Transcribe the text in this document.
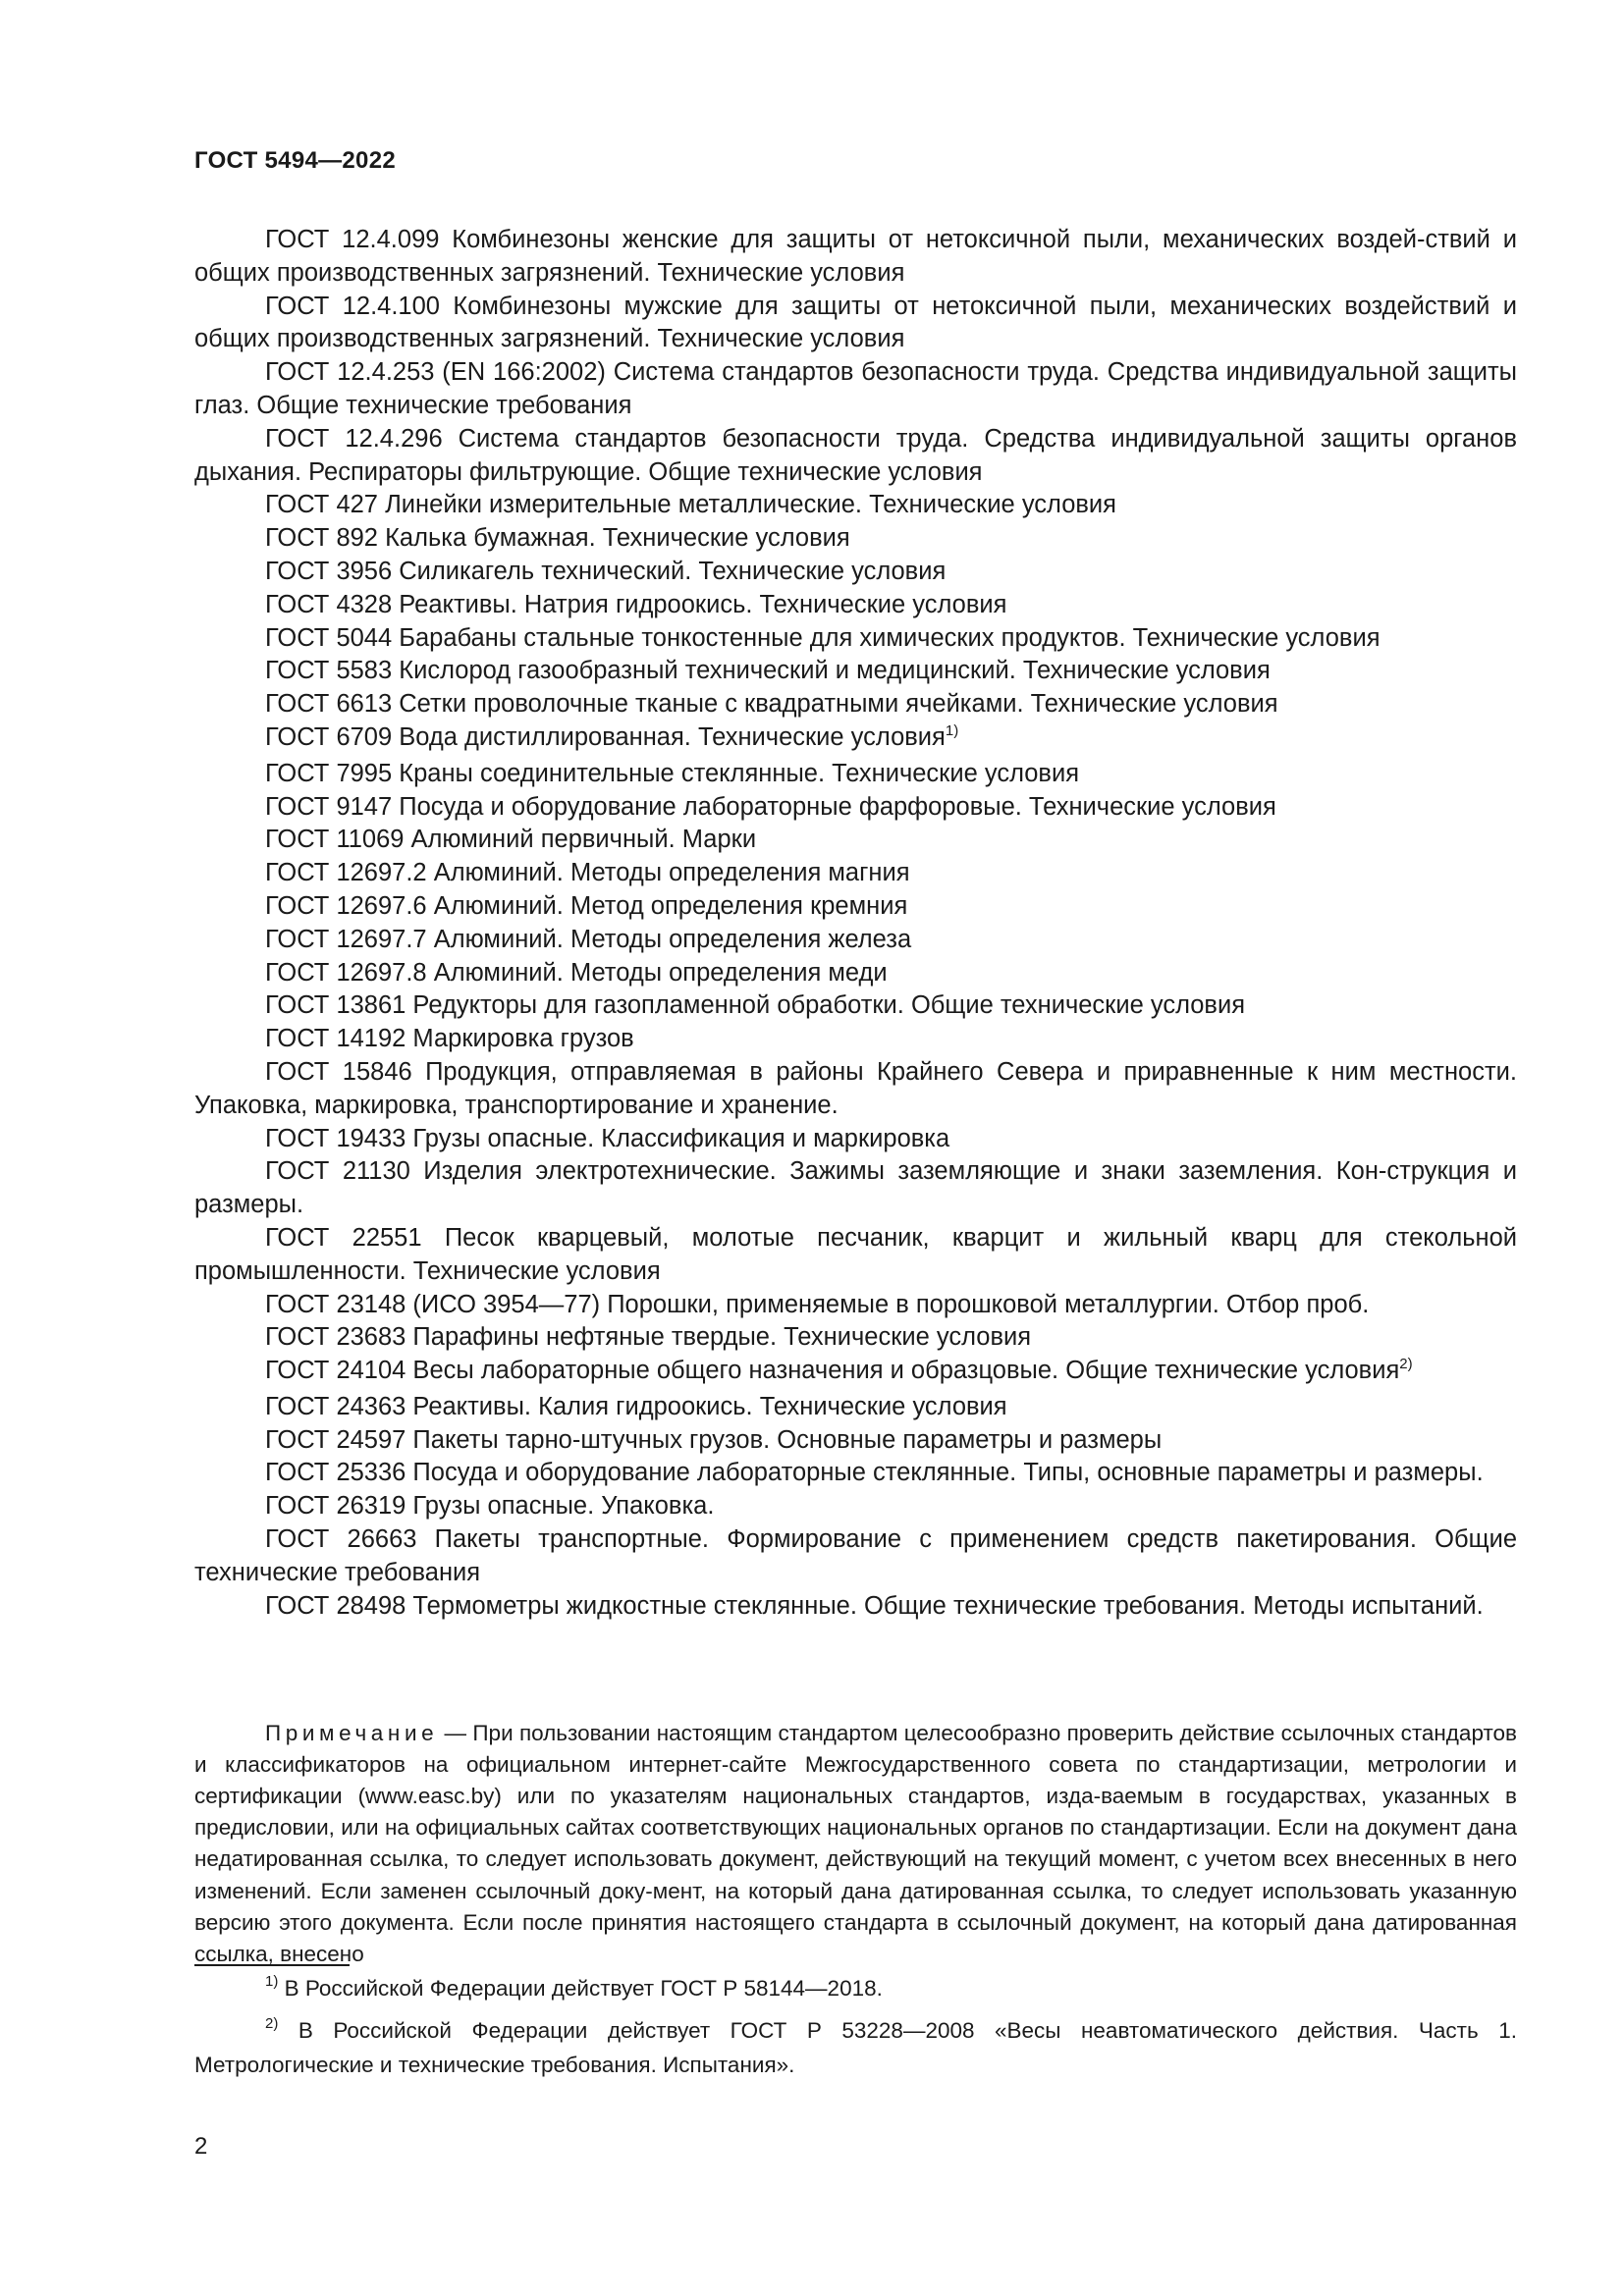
ГОСТ 5494—2022

ГОСТ 12.4.099 Комбинезоны женские для защиты от нетоксичной пыли, механических воздей-ствий и общих производственных загрязнений. Технические условия

ГОСТ 12.4.100 Комбинезоны мужские для защиты от нетоксичной пыли, механических воздействий и общих производственных загрязнений. Технические условия

ГОСТ 12.4.253 (EN 166:2002) Система стандартов безопасности труда. Средства индивидуальной защиты глаз. Общие технические требования

ГОСТ 12.4.296 Система стандартов безопасности труда. Средства индивидуальной защиты органов дыхания. Респираторы фильтрующие. Общие технические условия

ГОСТ 427 Линейки измерительные металлические. Технические условия

ГОСТ 892 Калька бумажная. Технические условия

ГОСТ 3956 Силикагель технический. Технические условия

ГОСТ 4328 Реактивы. Натрия гидроокись. Технические условия

ГОСТ 5044 Барабаны стальные тонкостенные для химических продуктов. Технические условия

ГОСТ 5583 Кислород газообразный технический и медицинский. Технические условия

ГОСТ 6613 Сетки проволочные тканые с квадратными ячейками. Технические условия

ГОСТ 6709 Вода дистиллированная. Технические условия$^{1)}$

ГОСТ 7995 Краны соединительные стеклянные. Технические условия

ГОСТ 9147 Посуда и оборудование лабораторные фарфоровые. Технические условия

ГОСТ 11069 Алюминий первичный. Марки

ГОСТ 12697.2 Алюминий. Методы определения магния

ГОСТ 12697.6 Алюминий. Метод определения кремния

ГОСТ 12697.7 Алюминий. Методы определения железа

ГОСТ 12697.8 Алюминий. Методы определения меди

ГОСТ 13861 Редукторы для газопламенной обработки. Общие технические условия

ГОСТ 14192 Маркировка грузов

ГОСТ 15846 Продукция, отправляемая в районы Крайнего Севера и приравненные к ним местности. Упаковка, маркировка, транспортирование и хранение.

ГОСТ 19433 Грузы опасные. Классификация и маркировка

ГОСТ 21130 Изделия электротехнические. Зажимы заземляющие и знаки заземления. Кон-струкция и размеры.

ГОСТ 22551 Песок кварцевый, молотые песчаник, кварцит и жильный кварц для стекольной промышленности. Технические условия

ГОСТ 23148 (ИСО 3954—77) Порошки, применяемые в порошковой металлургии. Отбор проб.

ГОСТ 23683 Парафины нефтяные твердые. Технические условия

ГОСТ 24104 Весы лабораторные общего назначения и образцовые. Общие технические условия$^{2)}$

ГОСТ 24363 Реактивы. Калия гидроокись. Технические условия

ГОСТ 24597 Пакеты тарно-штучных грузов. Основные параметры и размеры

ГОСТ 25336 Посуда и оборудование лабораторные стеклянные. Типы, основные параметры и размеры.

ГОСТ 26319 Грузы опасные. Упаковка.

ГОСТ 26663 Пакеты транспортные. Формирование с применением средств пакетирования. Общие технические требования

ГОСТ 28498 Термометры жидкостные стеклянные. Общие технические требования. Методы испытаний.

Примечание — При пользовании настоящим стандартом целесообразно проверить действие ссылочных стандартов и классификаторов на официальном интернет-сайте Межгосударственного совета по стандартизации, метрологии и сертификации (www.easc.by) или по указателям национальных стандартов, изда-ваемым в государствах, указанных в предисловии, или на официальных сайтах соответствующих национальных органов по стандартизации. Если на документ дана недатированная ссылка, то следует использовать документ, действующий на текущий момент, с учетом всех внесенных в него изменений. Если заменен ссылочный доку-мент, на который дана датированная ссылка, то следует использовать указанную версию этого документа. Если после принятия настоящего стандарта в ссылочный документ, на который дана датированная ссылка, внесено

$^{1)}$ В Российской Федерации действует ГОСТ Р 58144—2018.

$^{2)}$ В Российской Федерации действует ГОСТ Р 53228—2008 «Весы неавтоматического действия. Часть 1. Метрологические и технические требования. Испытания».

2
